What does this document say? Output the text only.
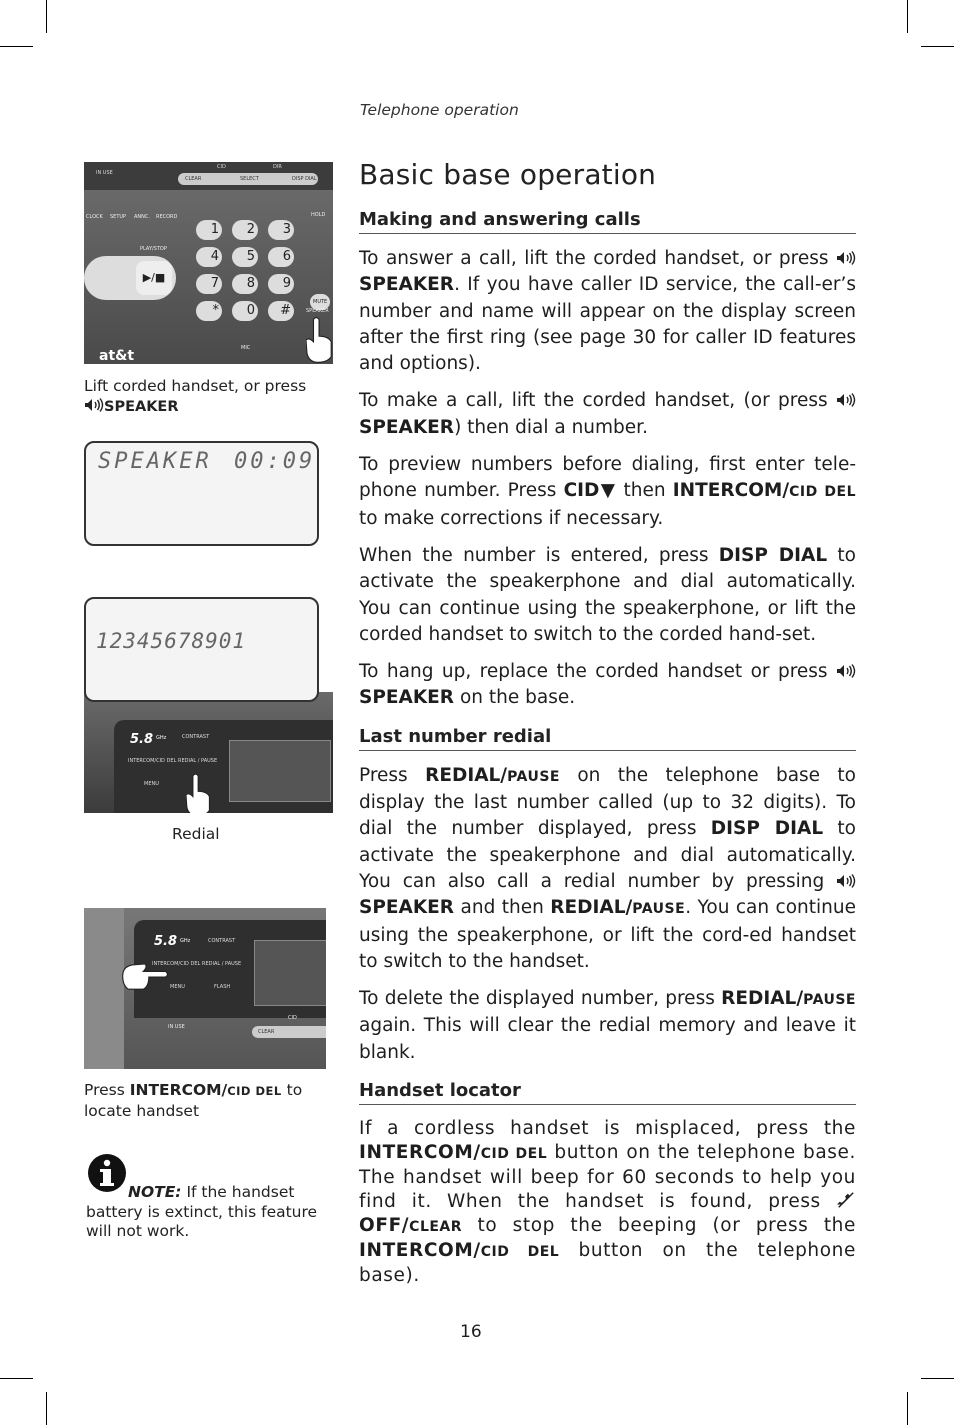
Telephone operation
Basic base operation
Making and answering calls

To answer a call, lift the corded handset, or press SPEAKER. If you have caller ID service, the call-er’s number and name will appear on the display screen after the first ring (see page 30 for caller ID features and options).

To make a call, lift the corded handset, (or press SPEAKER) then dial a number.

To preview numbers before dialing, first enter tele-phone number. Press CID▼ then INTERCOM/CID DEL to make corrections if necessary.

When the number is entered, press DISP DIAL to activate the speakerphone and dial automatically. You can continue using the speakerphone, or lift the corded handset to switch to the corded hand-set.

To hang up, replace the corded handset or press SPEAKER on the base.

Last number redial

Press REDIAL/PAUSE on the telephone base to display the last number called (up to 32 digits). To dial the number displayed, press DISP DIAL to activate the speakerphone and dial automatically. You can also call a redial number by pressing SPEAKER and then REDIAL/PAUSE. You can continue using the speakerphone, or lift the cord-ed handset to switch to the handset.

To delete the displayed number, press REDIAL/PAUSE again. This will clear the redial memory and leave it blank.

Handset locator

If a cordless handset is misplaced, press the INTERCOM/CID DEL button on the telephone base. The handset will beep for 60 seconds to help you find it. When the handset is found, press OFF/CLEAR to stop the beeping (or press the INTERCOM/CID DEL button on the telephone base).

IN USE
CID	DIR
CLEAR	SELECT	DISP DIAL
CLOCK SETUP ANNC. RECORD	HOLD
PLAY/STOP
▶/■
1	2	3
4	5	6
7	8	9
*	0	#
MUTE
SPEAKER
MIC
at&t
Lift corded handset, or press
SPEAKER
SPEAKER 00:09
5.8 GHz	CONTRAST
INTERCOM/CID DEL REDIAL / PAUSE
MENU
12345678901
Redial
5.8 GHz	CONTRAST
INTERCOM/CID DEL REDIAL / PAUSE
MENU	FLASH
IN USE
CID
CLEAR
Press INTERCOM/CID DEL to
locate handset
NOTE: If the handset battery is extinct, this feature will not work.
16
